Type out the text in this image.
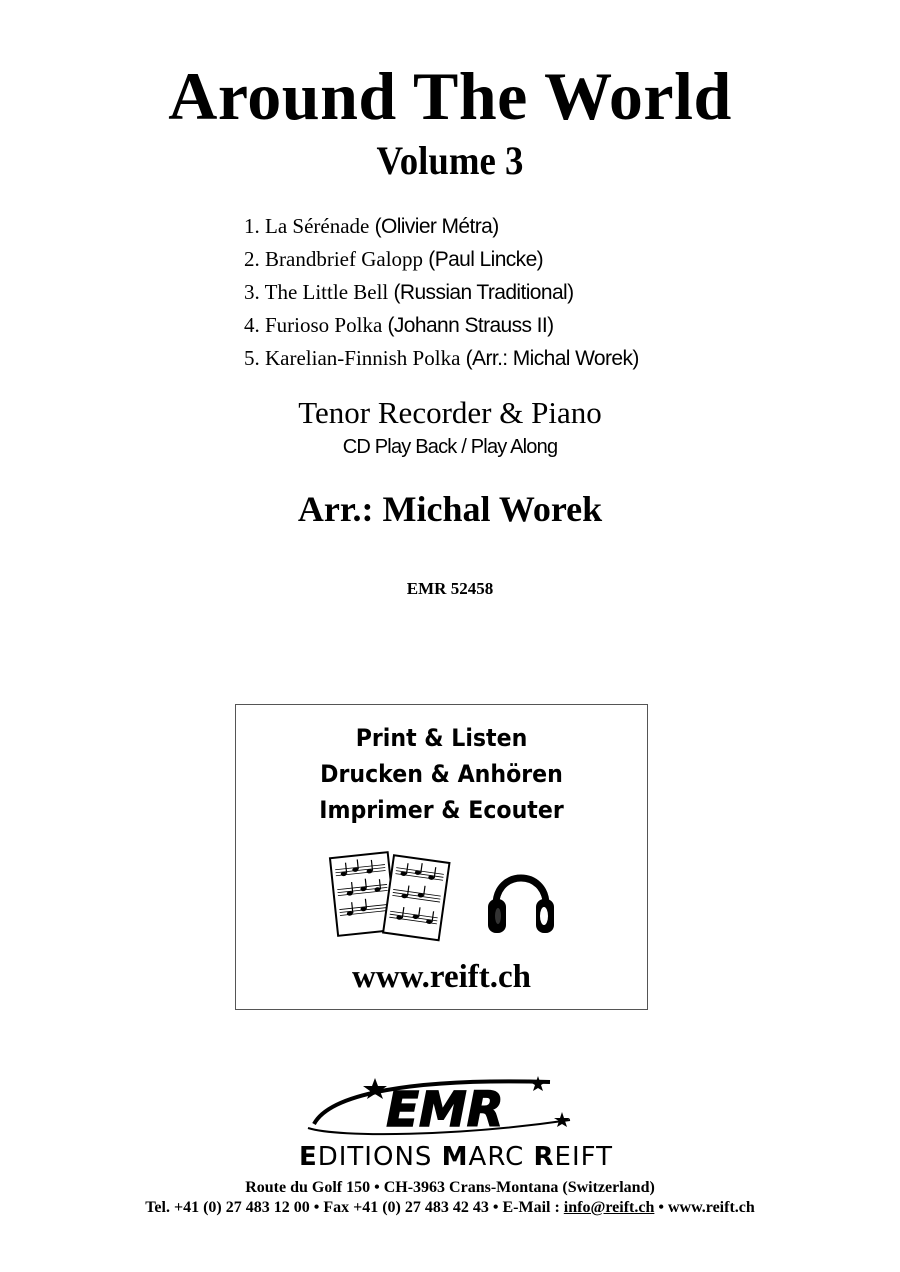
Around The World
Volume 3
1. La Sérénade (Olivier Métra)
2. Brandbrief Galopp (Paul Lincke)
3. The Little Bell (Russian Traditional)
4. Furioso Polka (Johann Strauss II)
5. Karelian-Finnish Polka (Arr.: Michal Worek)
Tenor Recorder & Piano
CD Play Back / Play Along
Arr.: Michal Worek
EMR 52458
Print & Listen
Drucken & Anhören
Imprimer & Ecouter
www.reift.ch
EMR
EDITIONS MARC REIFT
Route du Golf 150 • CH-3963 Crans-Montana (Switzerland)
Tel. +41 (0) 27 483 12 00 • Fax +41 (0) 27 483 42 43 • E-Mail : info@reift.ch • www.reift.ch
